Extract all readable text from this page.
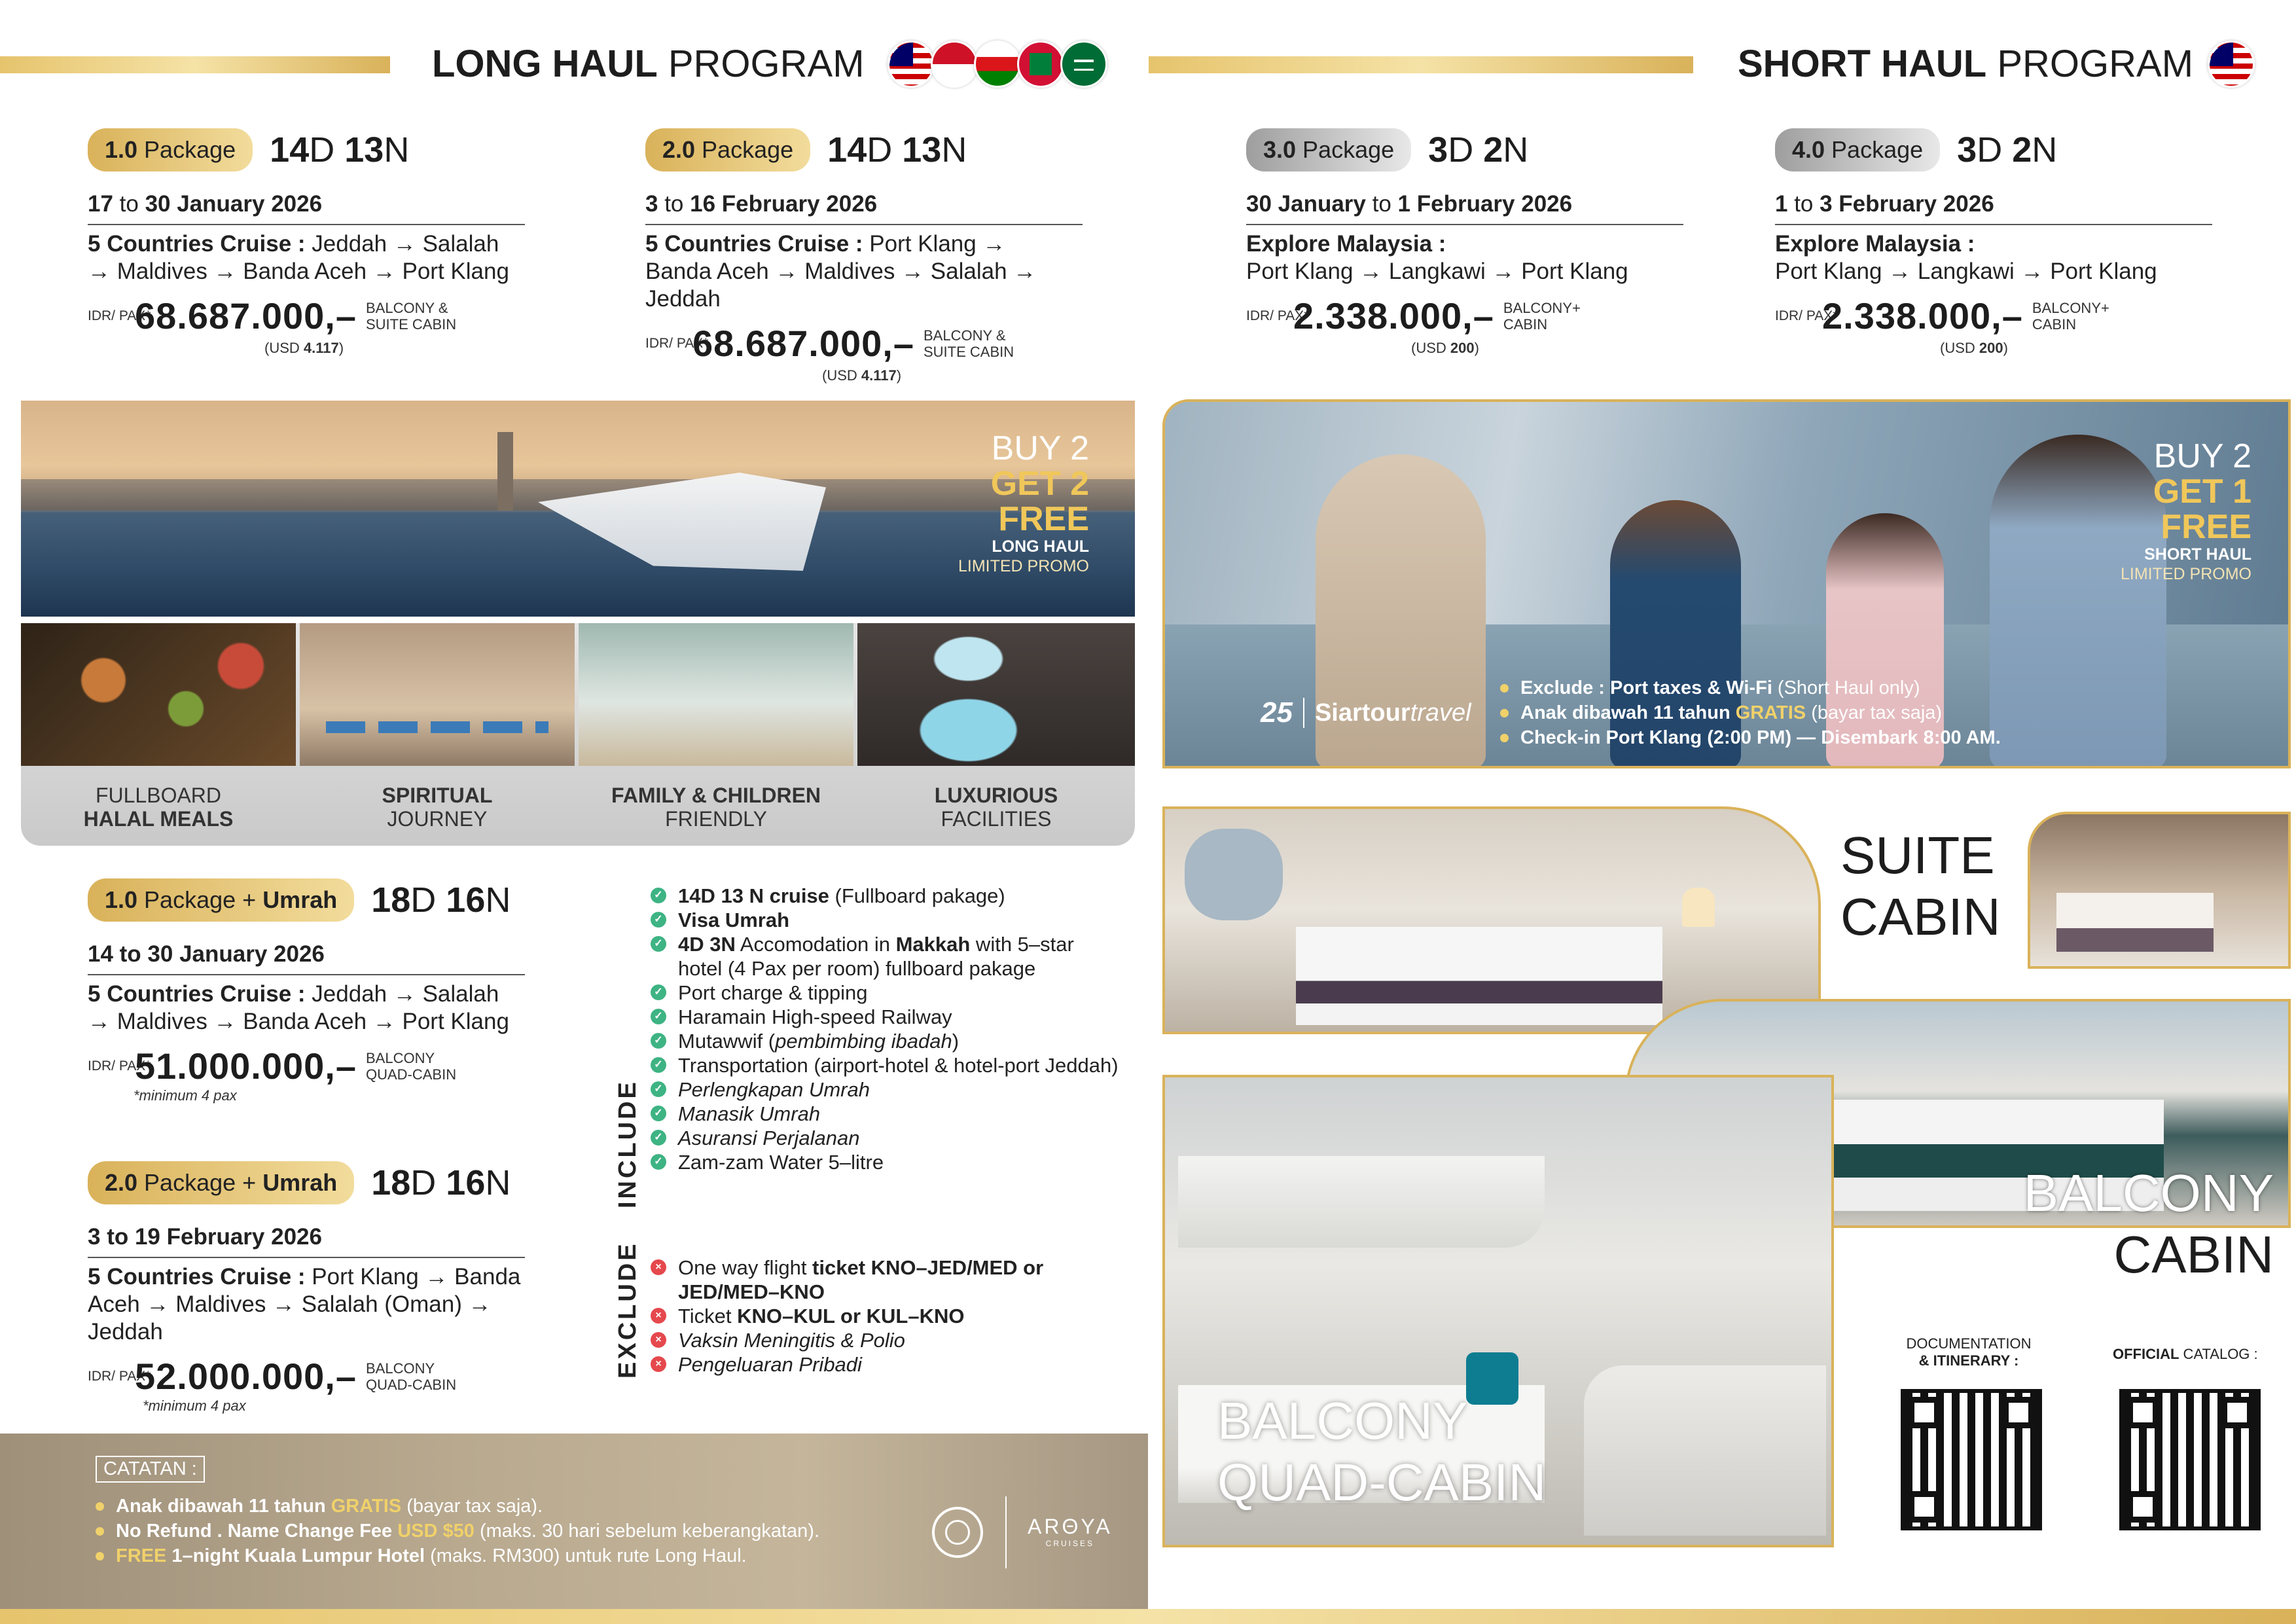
LONG HAUL PROGRAM	SHORT HAUL PROGRAM
1.0 Package 14D 13N
17 to 30 January 2026
5 Countries Cruise : Jeddah → Salalah → Maldives → Banda Aceh → Port Klang
IDR/ PAX*
68.687.000,– BALCONY & SUITE CABIN
(USD 4.117)
2.0 Package 14D 13N
3 to 16 February 2026
5 Countries Cruise : Port Klang → Banda Aceh → Maldives → Salalah → Jeddah
IDR/ PAX*
68.687.000,– BALCONY & SUITE CABIN
(USD 4.117)
3.0 Package 3D 2N
30 January to 1 February 2026
Explore Malaysia :
Port Klang → Langkawi → Port Klang
IDR/ PAX*
2.338.000,– BALCONY+ CABIN
(USD 200)
4.0 Package 3D 2N
1 to 3 February 2026
Explore Malaysia :
Port Klang → Langkawi → Port Klang
IDR/ PAX*
2.338.000,– BALCONY+ CABIN
(USD 200)
BUY 2
GET 2
FREE
LONG HAUL
LIMITED PROMO
FULLBOARD
HALAL MEALS
SPIRITUAL
JOURNEY
FAMILY & CHILDREN
FRIENDLY
LUXURIOUS
FACILITIES
1.0 Package + Umrah 18D 16N
14 to 30 January 2026
5 Countries Cruise : Jeddah → Salalah → Maldives → Banda Aceh → Port Klang
IDR/ PAX*
51.000.000,– BALCONY QUAD-CABIN
*minimum 4 pax
2.0 Package + Umrah 18D 16N
3 to 19 February 2026
5 Countries Cruise : Port Klang → Banda Aceh → Maldives → Salalah (Oman) → Jeddah
IDR/ PAX*
52.000.000,– BALCONY QUAD-CABIN
*minimum 4 pax
INCLUDE
✓ 14D 13 N cruise (Fullboard pakage)
✓ Visa Umrah
✓ 4D 3N Accomodation in Makkah with 5–star hotel (4 Pax per room) fullboard pakage
✓ Port charge & tipping
✓ Haramain High-speed Railway
✓ Mutawwif (pembimbing ibadah)
✓ Transportation (airport-hotel & hotel-port Jeddah)
✓ Perlengkapan Umrah
✓ Manasik Umrah
✓ Asuransi Perjalanan
✓ Zam-zam Water 5–litre
EXCLUDE	× One way flight ticket KNO–JED/MED or JED/MED–KNO
× Ticket KNO–KUL or KUL–KNO
× Vaksin Meningitis & Polio
× Pengeluaran Pribadi
CATATAN :
Anak dibawah 11 tahun GRATIS (bayar tax saja).
No Refund . Name Change Fee USD $50 (maks. 30 hari sebelum keberangkatan).
FREE 1–night Kuala Lumpur Hotel (maks. RM300) untuk rute Long Haul.
ARΘYA
CRUISES
BUY 2
GET 1
FREE
SHORT HAUL
LIMITED PROMO
25 Siartourtravel
Exclude : Port taxes & Wi-Fi (Short Haul only)
Anak dibawah 11 tahun GRATIS (bayar tax saja)
Check-in Port Klang (2:00 PM) — Disembark 8:00 AM.
SUITE
CABIN
BALCONY
CABIN
BALCONY
QUAD-CABIN
DOCUMENTATION
& ITINERARY :	OFFICIAL CATALOG :
